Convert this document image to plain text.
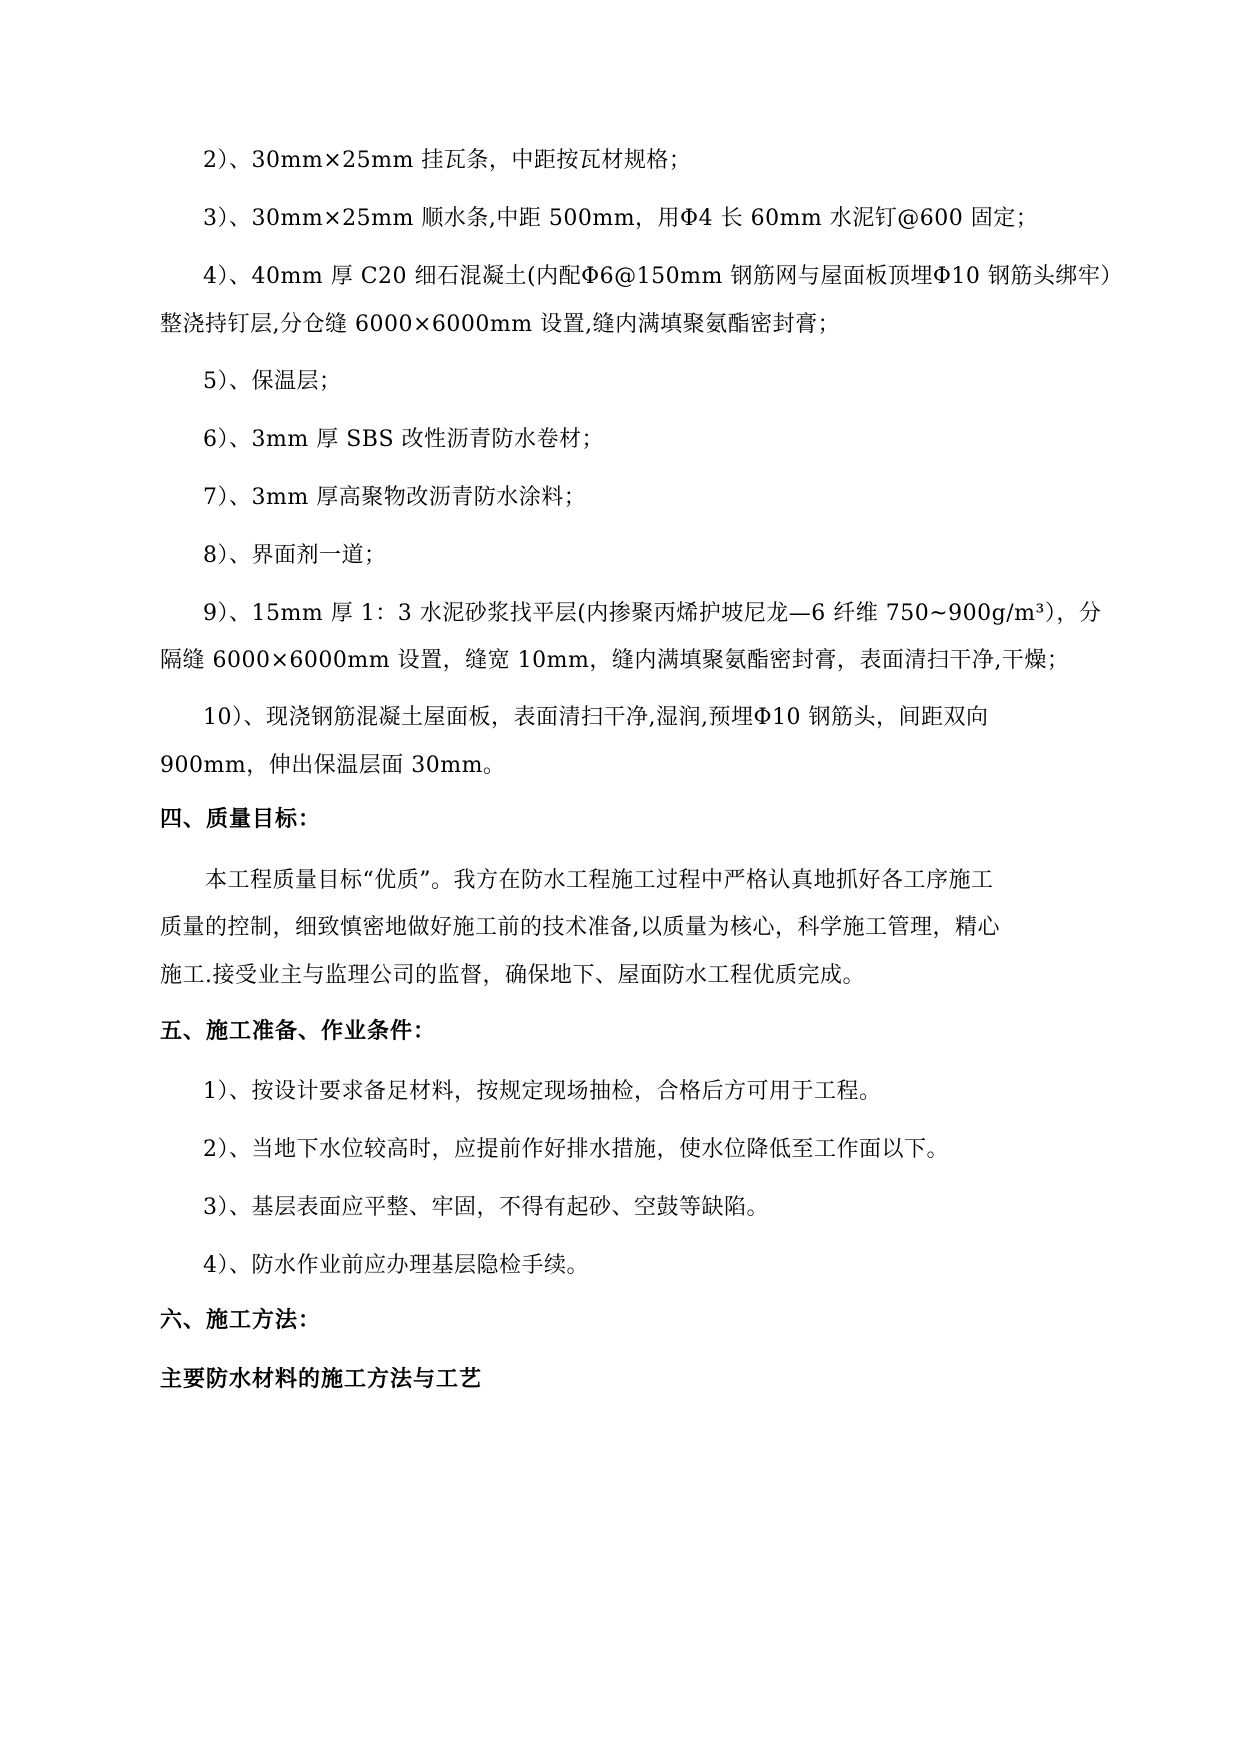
2）、30mm×25mm 挂瓦条，中距按瓦材规格；
3）、30mm×25mm 顺水条,中距 500mm，用Φ4 长 60mm 水泥钉@600 固定；
4）、40mm 厚 C20 细石混凝土(内配Φ6@150mm 钢筋网与屋面板顶埋Φ10 钢筋头绑牢）
整浇持钉层,分仓缝 6000×6000mm 设置,缝内满填聚氨酯密封膏；
5）、保温层；
6）、3mm 厚 SBS 改性沥青防水卷材；
7）、3mm 厚高聚物改沥青防水涂料；
8）、界面剂一道；
9）、15mm 厚 1：3 水泥砂浆找平层(内掺聚丙烯护坡尼龙—6 纤维 750~900g/m³），分
隔缝 6000×6000mm 设置，缝宽 10mm，缝内满填聚氨酯密封膏，表面清扫干净,干燥；
10）、现浇钢筋混凝土屋面板，表面清扫干净,湿润,预埋Φ10 钢筋头，间距双向
900mm，伸出保温层面 30mm。
四、质量目标：
本工程质量目标“优质”。我方在防水工程施工过程中严格认真地抓好各工序施工
质量的控制，细致慎密地做好施工前的技术准备,以质量为核心，科学施工管理，精心
施工.接受业主与监理公司的监督，确保地下、屋面防水工程优质完成。
五、施工准备、作业条件：
1）、按设计要求备足材料，按规定现场抽检，合格后方可用于工程。
2）、当地下水位较高时，应提前作好排水措施，使水位降低至工作面以下。
3）、基层表面应平整、牢固，不得有起砂、空鼓等缺陷。
4）、防水作业前应办理基层隐检手续。
六、施工方法：
主要防水材料的施工方法与工艺
